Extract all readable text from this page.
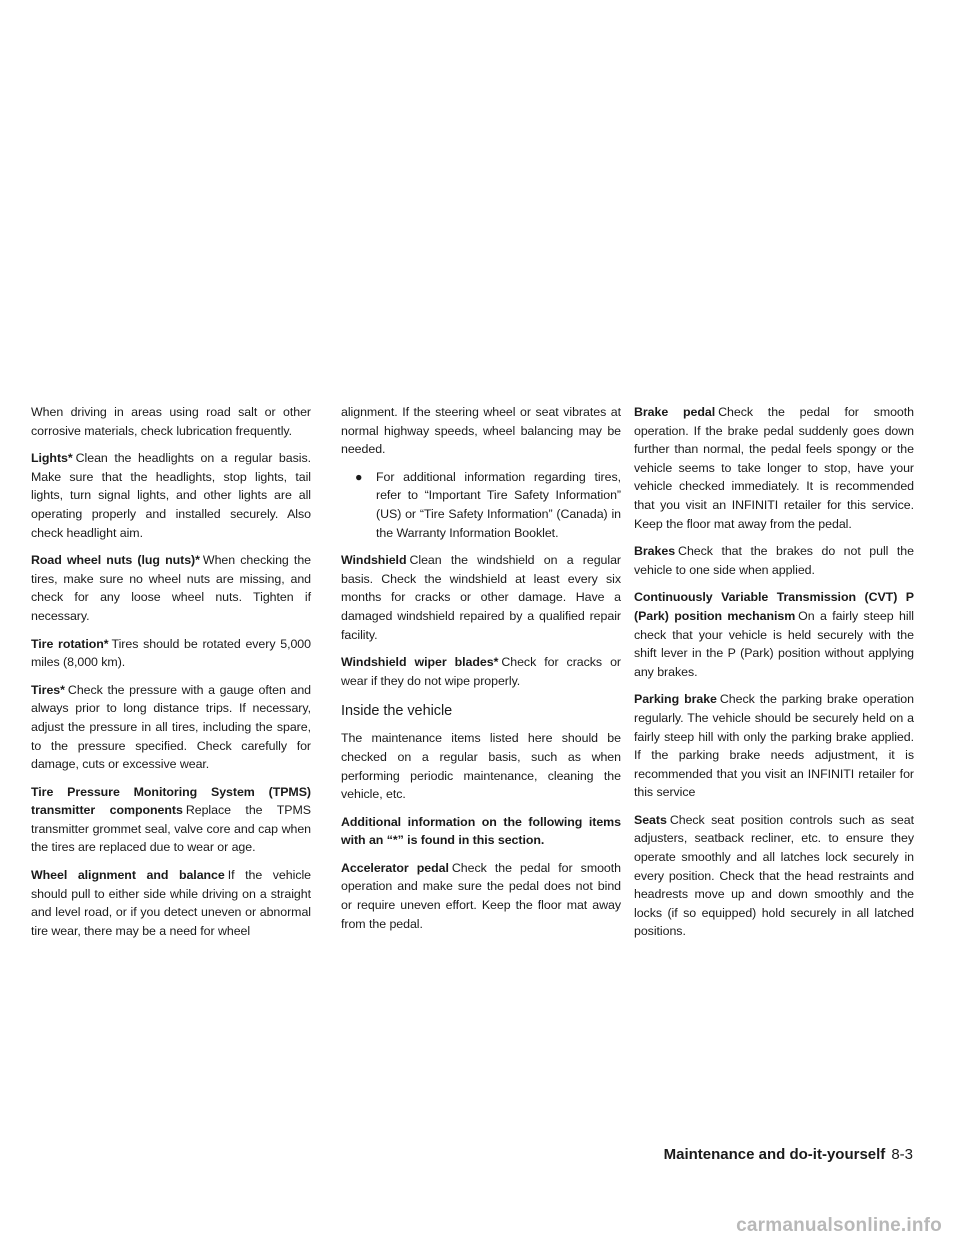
When driving in areas using road salt or other corrosive materials, check lubrication frequently.

Lights* Clean the headlights on a regular basis. Make sure that the headlights, stop lights, tail lights, turn signal lights, and other lights are all operating properly and installed securely. Also check headlight aim.

Road wheel nuts (lug nuts)* When checking the tires, make sure no wheel nuts are missing, and check for any loose wheel nuts. Tighten if necessary.

Tire rotation* Tires should be rotated every 5,000 miles (8,000 km).

Tires* Check the pressure with a gauge often and always prior to long distance trips. If necessary, adjust the pressure in all tires, including the spare, to the pressure specified. Check carefully for damage, cuts or excessive wear.

Tire Pressure Monitoring System (TPMS) transmitter components Replace the TPMS transmitter grommet seal, valve core and cap when the tires are replaced due to wear or age.

Wheel alignment and balance If the vehicle should pull to either side while driving on a straight and level road, or if you detect uneven or abnormal tire wear, there may be a need for wheel

alignment. If the steering wheel or seat vibrates at normal highway speeds, wheel balancing may be needed.

● For additional information regarding tires, refer to “Important Tire Safety Information” (US) or “Tire Safety Information” (Canada) in the Warranty Information Booklet.

Windshield Clean the windshield on a regular basis. Check the windshield at least every six months for cracks or other damage. Have a damaged windshield repaired by a qualified repair facility.

Windshield wiper blades* Check for cracks or wear if they do not wipe properly.

Inside the vehicle

The maintenance items listed here should be checked on a regular basis, such as when performing periodic maintenance, cleaning the vehicle, etc.

Additional information on the following items with an “*” is found in this section.

Accelerator pedal Check the pedal for smooth operation and make sure the pedal does not bind or require uneven effort. Keep the floor mat away from the pedal.

Brake pedal Check the pedal for smooth operation. If the brake pedal suddenly goes down further than normal, the pedal feels spongy or the vehicle seems to take longer to stop, have your vehicle checked immediately. It is recommended that you visit an INFINITI retailer for this service. Keep the floor mat away from the pedal.

Brakes Check that the brakes do not pull the vehicle to one side when applied.

Continuously Variable Transmission (CVT) P (Park) position mechanism On a fairly steep hill check that your vehicle is held securely with the shift lever in the P (Park) position without applying any brakes.

Parking brake Check the parking brake operation regularly. The vehicle should be securely held on a fairly steep hill with only the parking brake applied. If the parking brake needs adjustment, it is recommended that you visit an INFINITI retailer for this service

Seats Check seat position controls such as seat adjusters, seatback recliner, etc. to ensure they operate smoothly and all latches lock securely in every position. Check that the head restraints and headrests move up and down smoothly and the locks (if so equipped) hold securely in all latched positions.

Maintenance and do-it-yourself 8-3
carmanualsonline.info
